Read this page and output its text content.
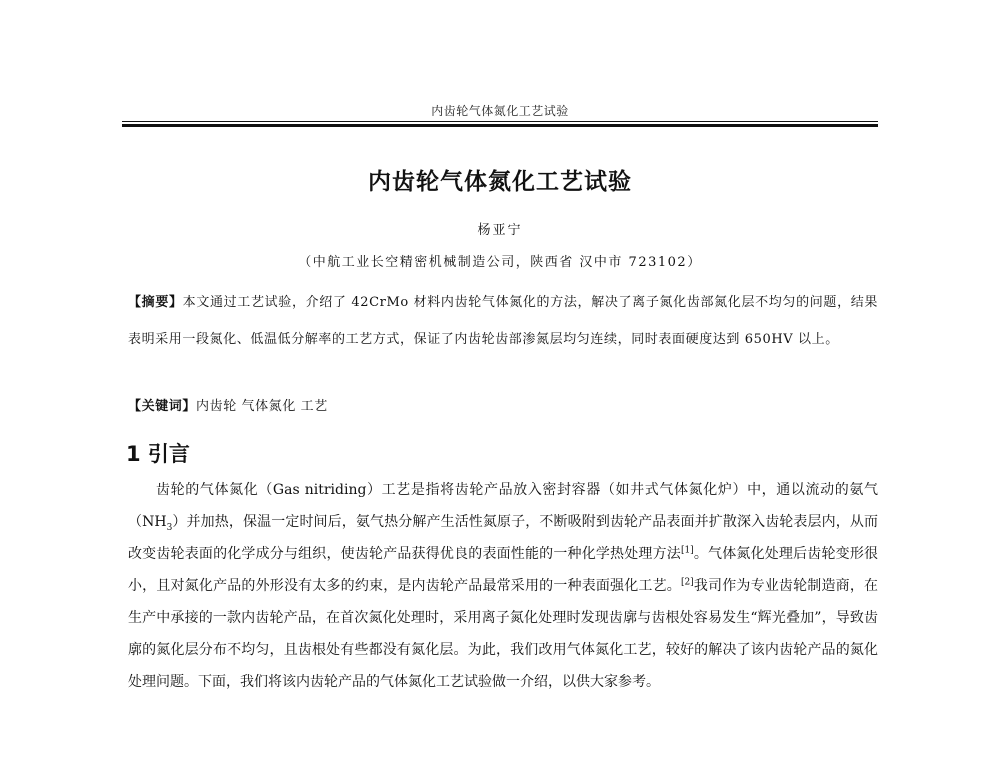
内齿轮气体氮化工艺试验
内齿轮气体氮化工艺试验
杨亚宁
（中航工业长空精密机械制造公司，陕西省 汉中市 723102）
【摘要】本文通过工艺试验，介绍了 42CrMo 材料内齿轮气体氮化的方法，解决了离子氮化齿部氮化层不均匀的问题，结果表明采用一段氮化、低温低分解率的工艺方式，保证了内齿轮齿部渗氮层均匀连续，同时表面硬度达到 650HV 以上。
【关键词】内齿轮 气体氮化 工艺
1 引言

齿轮的气体氮化（Gas nitriding）工艺是指将齿轮产品放入密封容器（如井式气体氮化炉）中，通以流动的氨气$(NH_3)$并加热，保温一定时间后，氨气热分解产生活性氮原子，不断吸附到齿轮产品表面并扩散深入齿轮表层内，从而改变齿轮表面的化学成分与组织，使齿轮产品获得优良的表面性能的一种化学热处理方法[1]。气体氮化处理后齿轮变形很小，且对氮化产品的外形没有太多的约束，是内齿轮产品最常采用的一种表面强化工艺。[2]我司作为专业齿轮制造商，在生产中承接的一款内齿轮产品，在首次氮化处理时，采用离子氮化处理时发现齿廓与齿根处容易发生“辉光叠加”，导致齿廓的氮化层分布不均匀，且齿根处有些都没有氮化层。为此，我们改用气体氮化工艺，较好的解决了该内齿轮产品的氮化处理问题。下面，我们将该内齿轮产品的气体氮化工艺试验做一介绍，以供大家参考。
